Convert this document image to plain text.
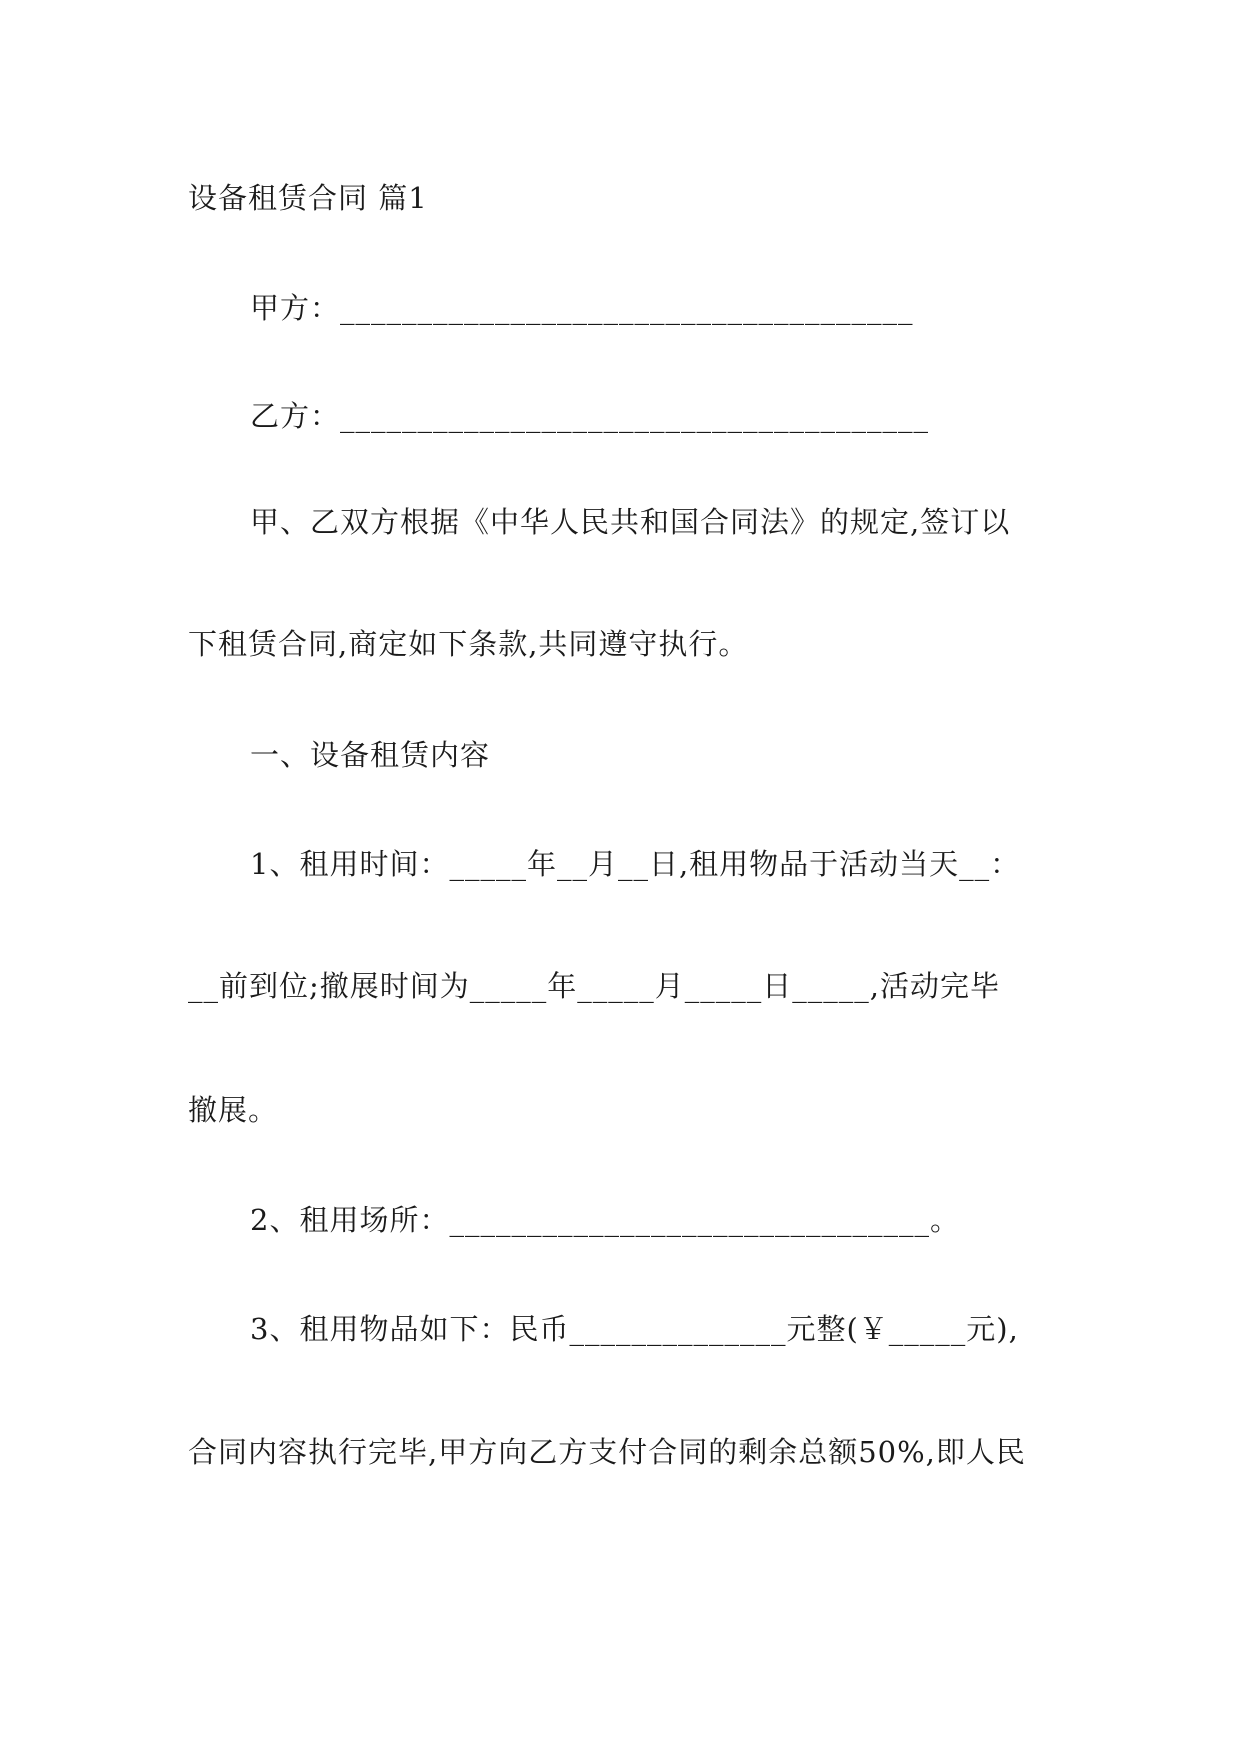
设备租赁合同 篇1
甲方：_____________________________________
乙方：______________________________________
甲、乙双方根据《中华人民共和国合同法》的规定,签订以
下租赁合同,商定如下条款,共同遵守执行。
一、设备租赁内容
1、租用时间：_____年__月__日,租用物品于活动当天__：
__前到位;撤展时间为_____年_____月_____日_____,活动完毕
撤展。
2、租用场所：_______________________________。
3、租用物品如下：民币______________元整(￥_____元),
合同内容执行完毕,甲方向乙方支付合同的剩余总额50%,即人民
